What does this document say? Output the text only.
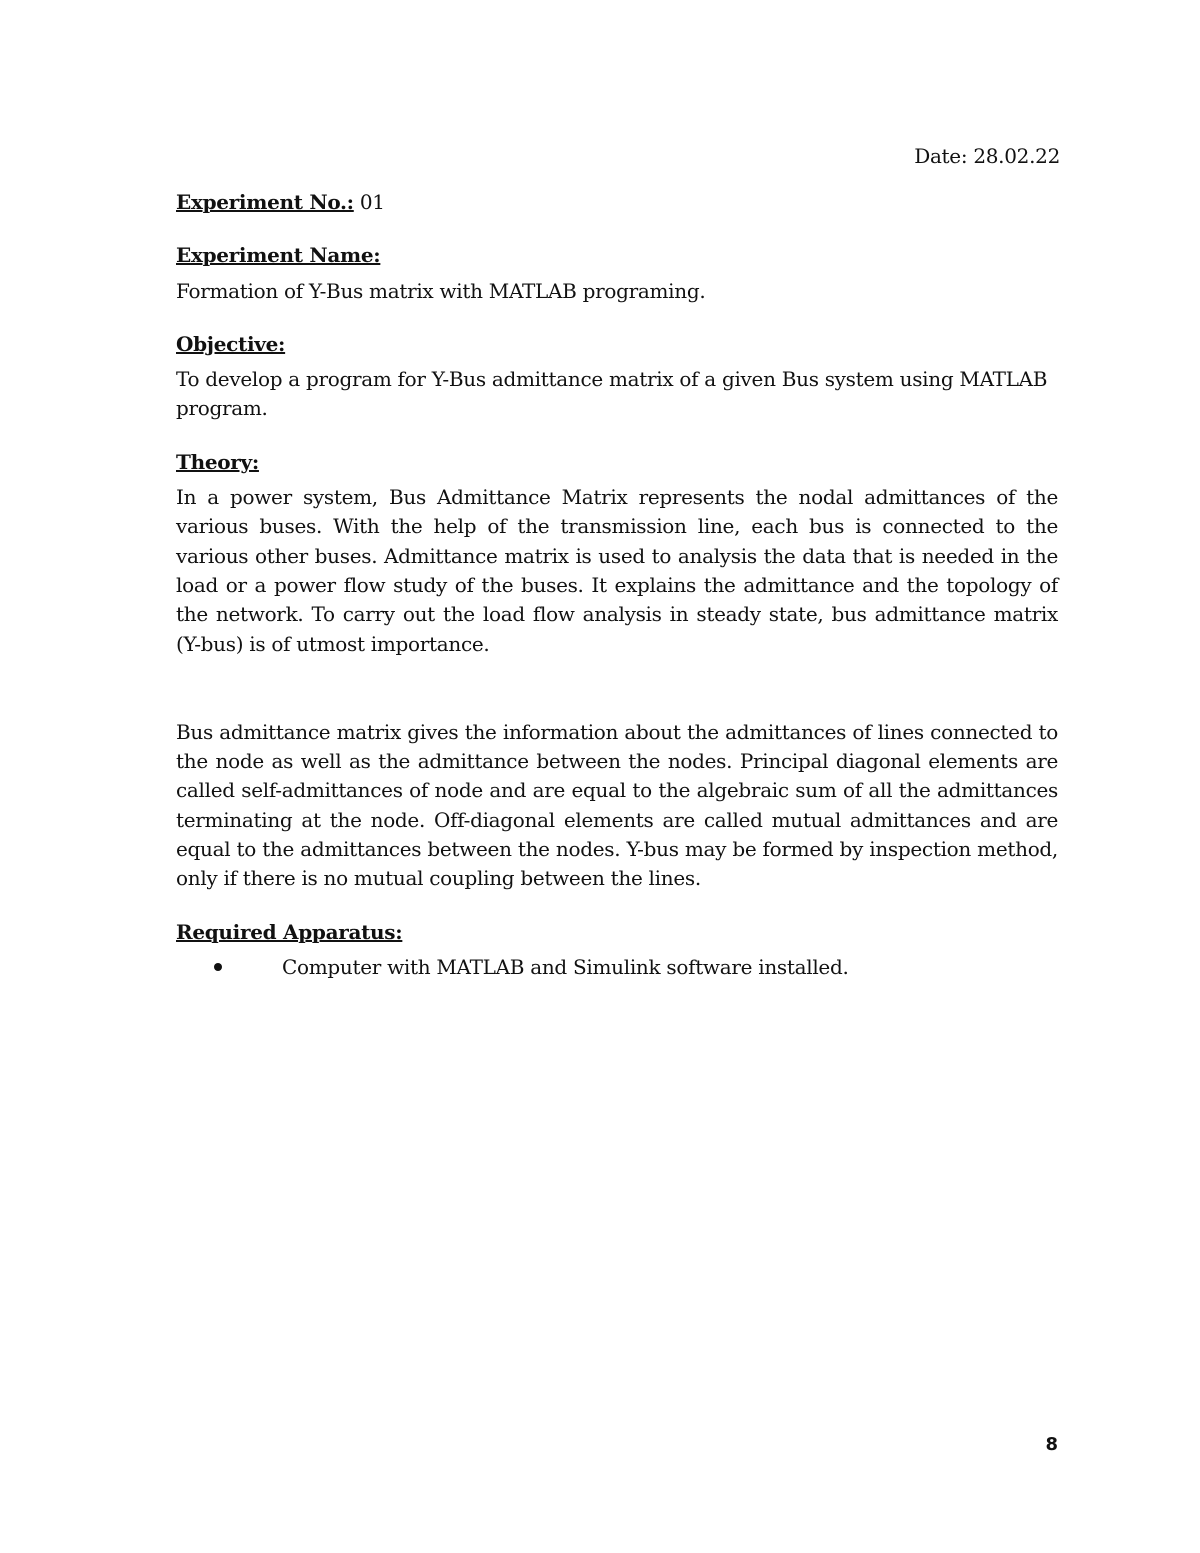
Date: 28.02.22

Experiment No.: 01

Experiment Name:

Formation of Y-Bus matrix with MATLAB programing.

Objective:

To develop a program for Y-Bus admittance matrix of a given Bus system using MATLAB program.

Theory:

In a power system, Bus Admittance Matrix represents the nodal admittances of the various buses. With the help of the transmission line, each bus is connected to the various other buses. Admittance matrix is used to analysis the data that is needed in the load or a power flow study of the buses. It explains the admittance and the topology of the network. To carry out the load flow analysis in steady state, bus admittance matrix (Y-bus) is of utmost importance.

Bus admittance matrix gives the information about the admittances of lines connected to the node as well as the admittance between the nodes. Principal diagonal elements are called self-admittances of node and are equal to the algebraic sum of all the admittances terminating at the node. Off-diagonal elements are called mutual admittances and are equal to the admittances between the nodes. Y-bus may be formed by inspection method, only if there is no mutual coupling between the lines.

Required Apparatus:

Computer with MATLAB and Simulink software installed.
8
